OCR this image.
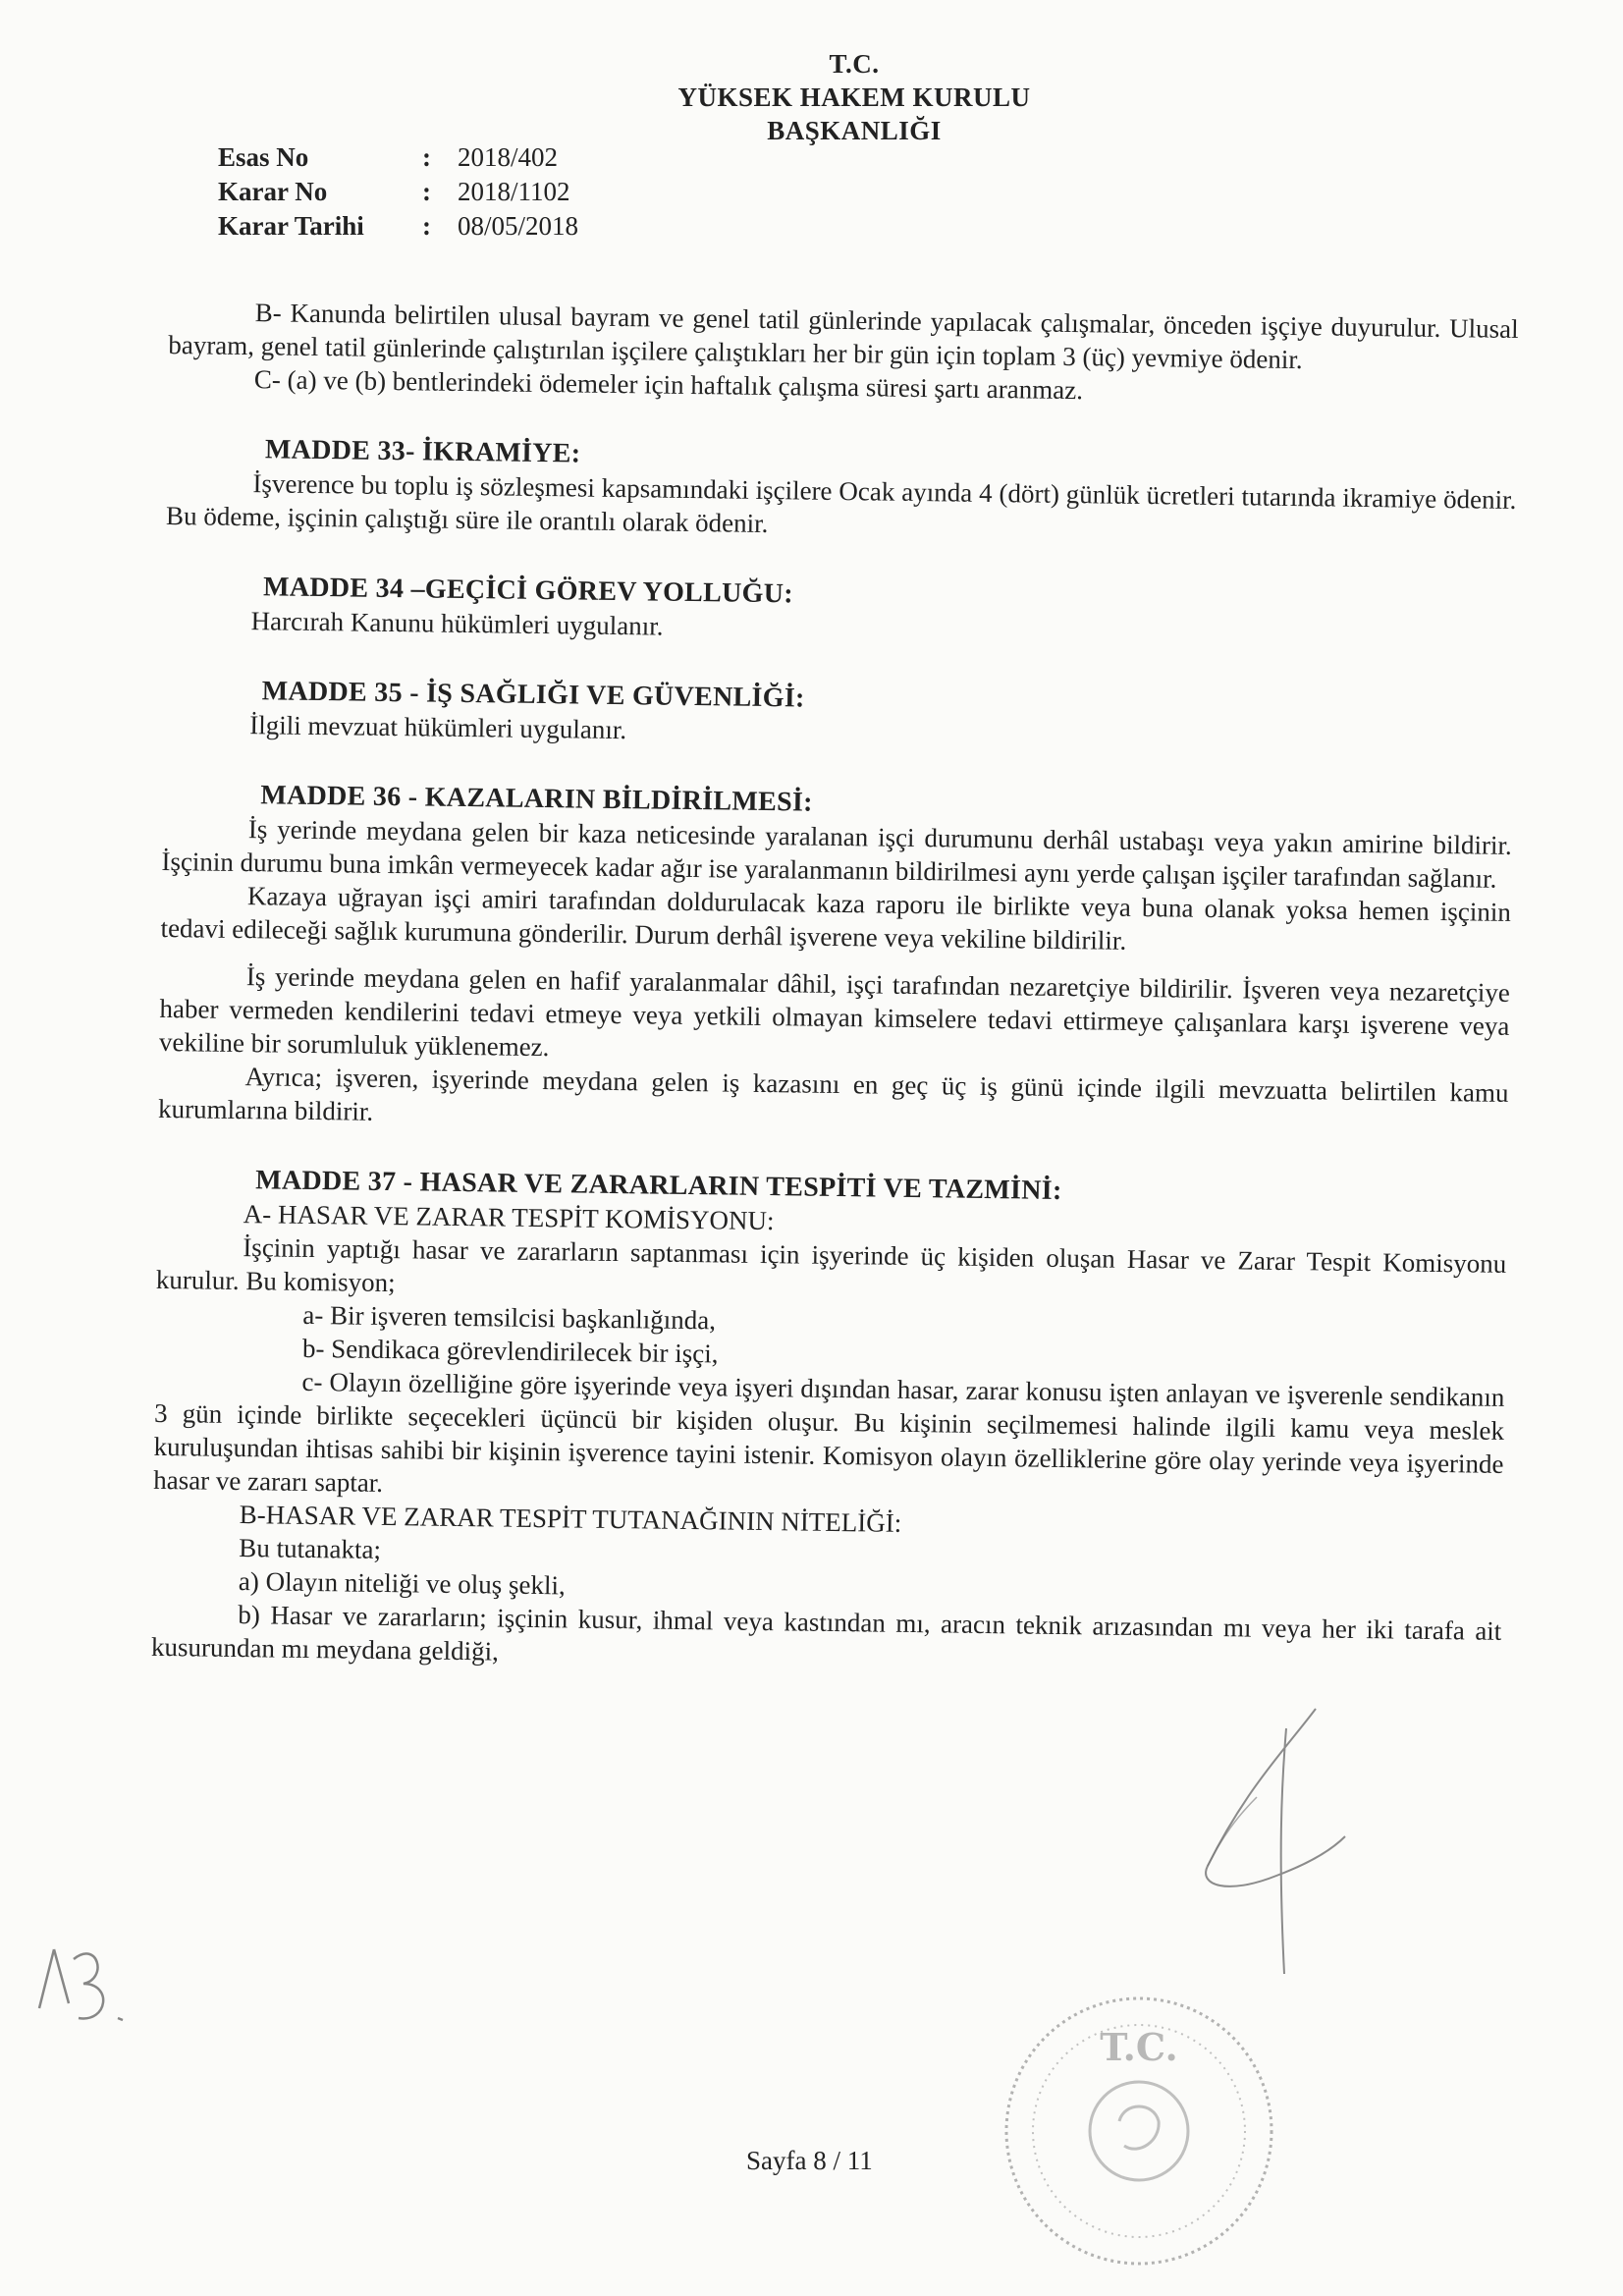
T.C.
YÜKSEK HAKEM KURULU
BAŞKANLIĞI
Esas No	:	2018/402
Karar No	:	2018/1102
Karar Tarihi	:	08/05/2018

B- Kanunda belirtilen ulusal bayram ve genel tatil günlerinde yapılacak çalışmalar, önceden işçiye duyurulur. Ulusal bayram, genel tatil günlerinde çalıştırılan işçilere çalıştıkları her bir gün için toplam 3 (üç) yevmiye ödenir.

C- (a) ve (b) bentlerindeki ödemeler için haftalık çalışma süresi şartı aranmaz.

MADDE 33- İKRAMİYE:

İşverence bu toplu iş sözleşmesi kapsamındaki işçilere Ocak ayında 4 (dört) günlük ücretleri tutarında ikramiye ödenir. Bu ödeme, işçinin çalıştığı süre ile orantılı olarak ödenir.

MADDE 34 –GEÇİCİ GÖREV YOLLUĞU:

Harcırah Kanunu hükümleri uygulanır.

MADDE 35 - İŞ SAĞLIĞI VE GÜVENLİĞİ:

İlgili mevzuat hükümleri uygulanır.

MADDE 36 - KAZALARIN BİLDİRİLMESİ:

İş yerinde meydana gelen bir kaza neticesinde yaralanan işçi durumunu derhâl ustabaşı veya yakın amirine bildirir. İşçinin durumu buna imkân vermeyecek kadar ağır ise yaralanmanın bildirilmesi aynı yerde çalışan işçiler tarafından sağlanır.

Kazaya uğrayan işçi amiri tarafından doldurulacak kaza raporu ile birlikte veya buna olanak yoksa hemen işçinin tedavi edileceği sağlık kurumuna gönderilir. Durum derhâl işverene veya vekiline bildirilir.

İş yerinde meydana gelen en hafif yaralanmalar dâhil, işçi tarafından nezaretçiye bildirilir. İşveren veya nezaretçiye haber vermeden kendilerini tedavi etmeye veya yetkili olmayan kimselere tedavi ettirmeye çalışanlara karşı işverene veya vekiline bir sorumluluk yüklenemez.

Ayrıca; işveren, işyerinde meydana gelen iş kazasını en geç üç iş günü içinde ilgili mevzuatta belirtilen kamu kurumlarına bildirir.

MADDE 37 - HASAR VE ZARARLARIN TESPİTİ VE TAZMİNİ:

A- HASAR VE ZARAR TESPİT KOMİSYONU:

İşçinin yaptığı hasar ve zararların saptanması için işyerinde üç kişiden oluşan Hasar ve Zarar Tespit Komisyonu kurulur. Bu komisyon;

a- Bir işveren temsilcisi başkanlığında,

b- Sendikaca görevlendirilecek bir işçi,

c- Olayın özelliğine göre işyerinde veya işyeri dışından hasar, zarar konusu işten anlayan ve işverenle sendikanın 3 gün içinde birlikte seçecekleri üçüncü bir kişiden oluşur. Bu kişinin seçilmemesi halinde ilgili kamu veya meslek kuruluşundan ihtisas sahibi bir kişinin işverence tayini istenir. Komisyon olayın özelliklerine göre olay yerinde veya işyerinde hasar ve zararı saptar.

B-HASAR VE ZARAR TESPİT TUTANAĞININ NİTELİĞİ:

Bu tutanakta;

a) Olayın niteliği ve oluş şekli,

b) Hasar ve zararların; işçinin kusur, ihmal veya kastından mı, aracın teknik arızasından mı veya her iki tarafa ait kusurundan mı meydana geldiği,

T.C.
Sayfa 8 / 11
